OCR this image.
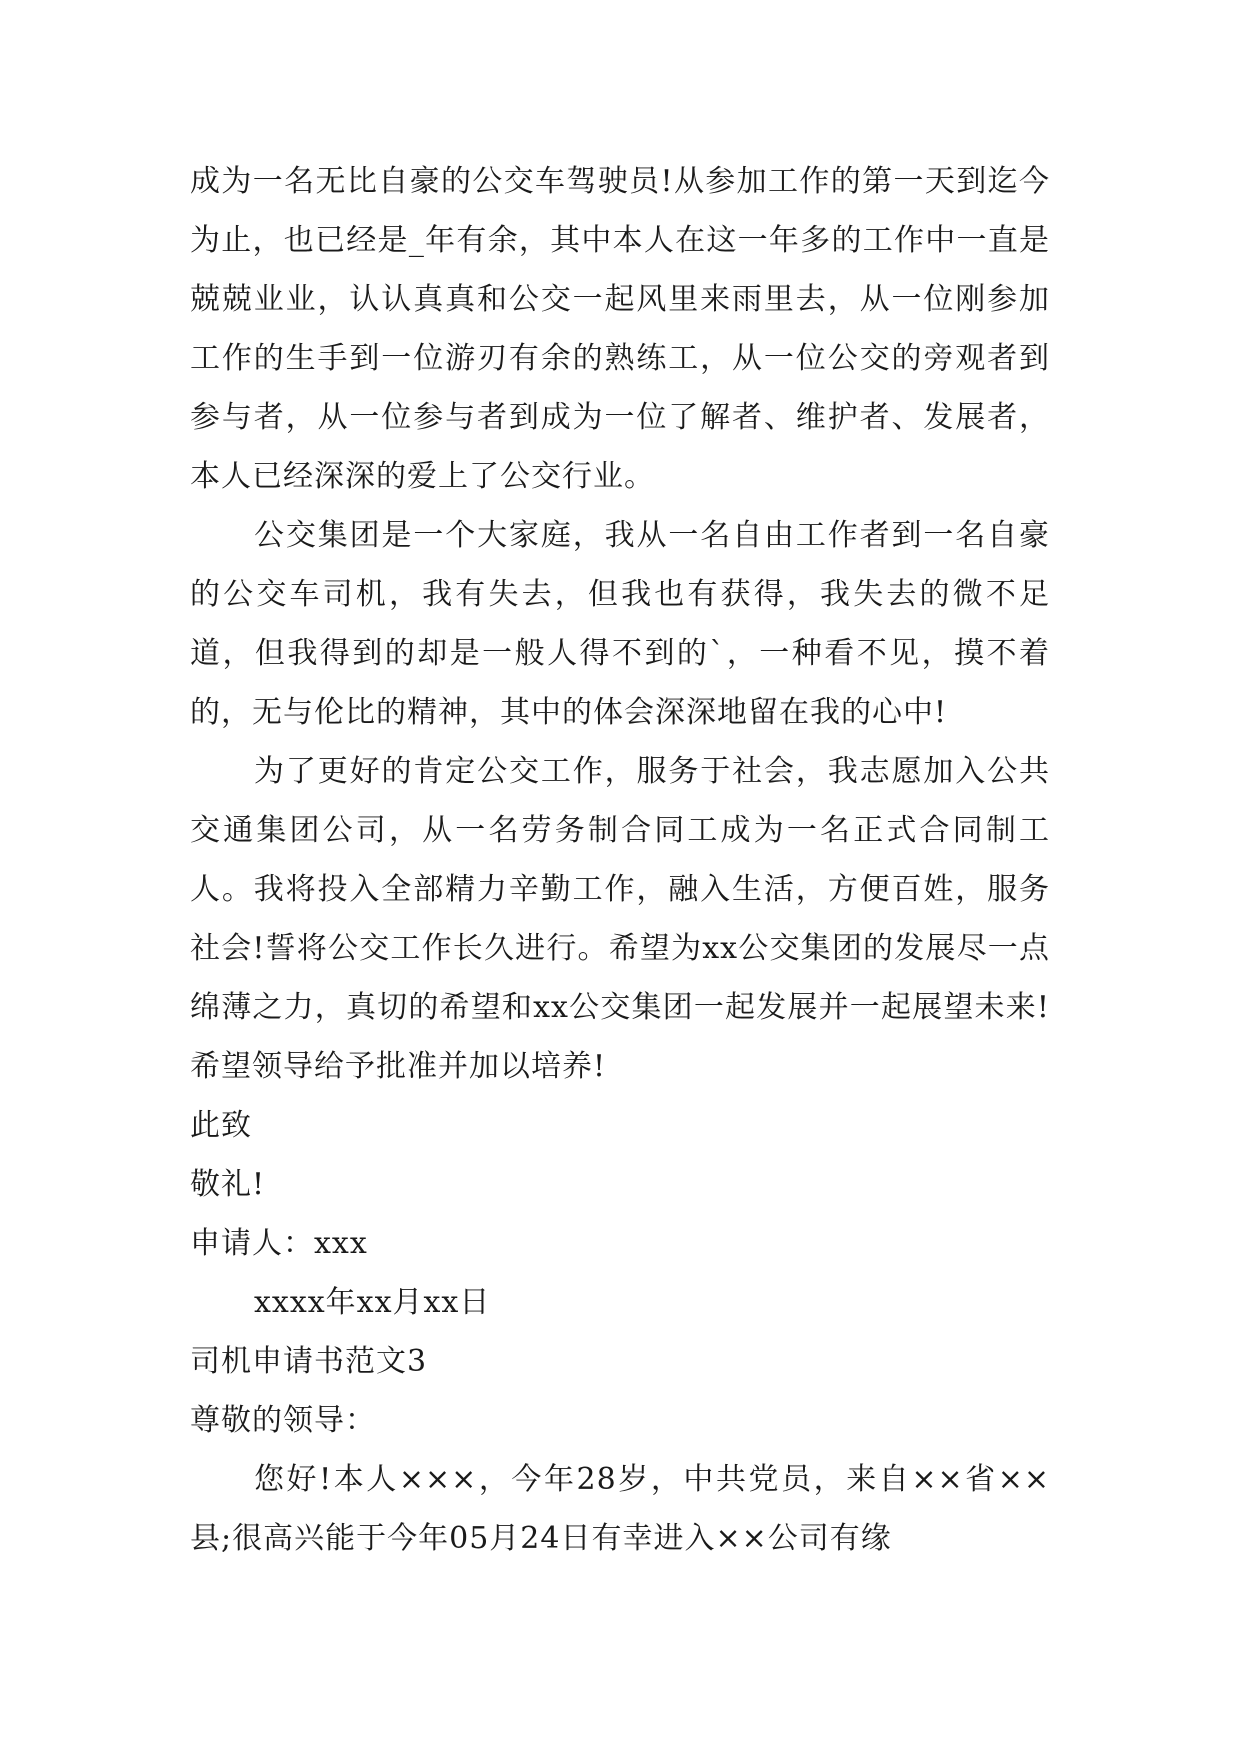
成为一名无比自豪的公交车驾驶员!从参加工作的第一天到迄今为止，也已经是_年有余，其中本人在这一年多的工作中一直是兢兢业业，认认真真和公交一起风里来雨里去，从一位刚参加工作的生手到一位游刃有余的熟练工，从一位公交的旁观者到参与者，从一位参与者到成为一位了解者、维护者、发展者，本人已经深深的爱上了公交行业。

公交集团是一个大家庭，我从一名自由工作者到一名自豪的公交车司机，我有失去，但我也有获得，我失去的微不足道，但我得到的却是一般人得不到的`，一种看不见，摸不着的，无与伦比的精神，其中的体会深深地留在我的心中!

为了更好的肯定公交工作，服务于社会，我志愿加入公共交通集团公司，从一名劳务制合同工成为一名正式合同制工人。我将投入全部精力辛勤工作，融入生活，方便百姓，服务社会!誓将公交工作长久进行。希望为xx公交集团的发展尽一点绵薄之力，真切的希望和xx公交集团一起发展并一起展望未来!希望领导给予批准并加以培养!

此致

敬礼!

申请人：xxx

xxxx年xx月xx日

司机申请书范文3

尊敬的领导：

您好!本人×××，今年28岁，中共党员，来自××省××县;很高兴能于今年05月24日有幸进入××公司有缘
